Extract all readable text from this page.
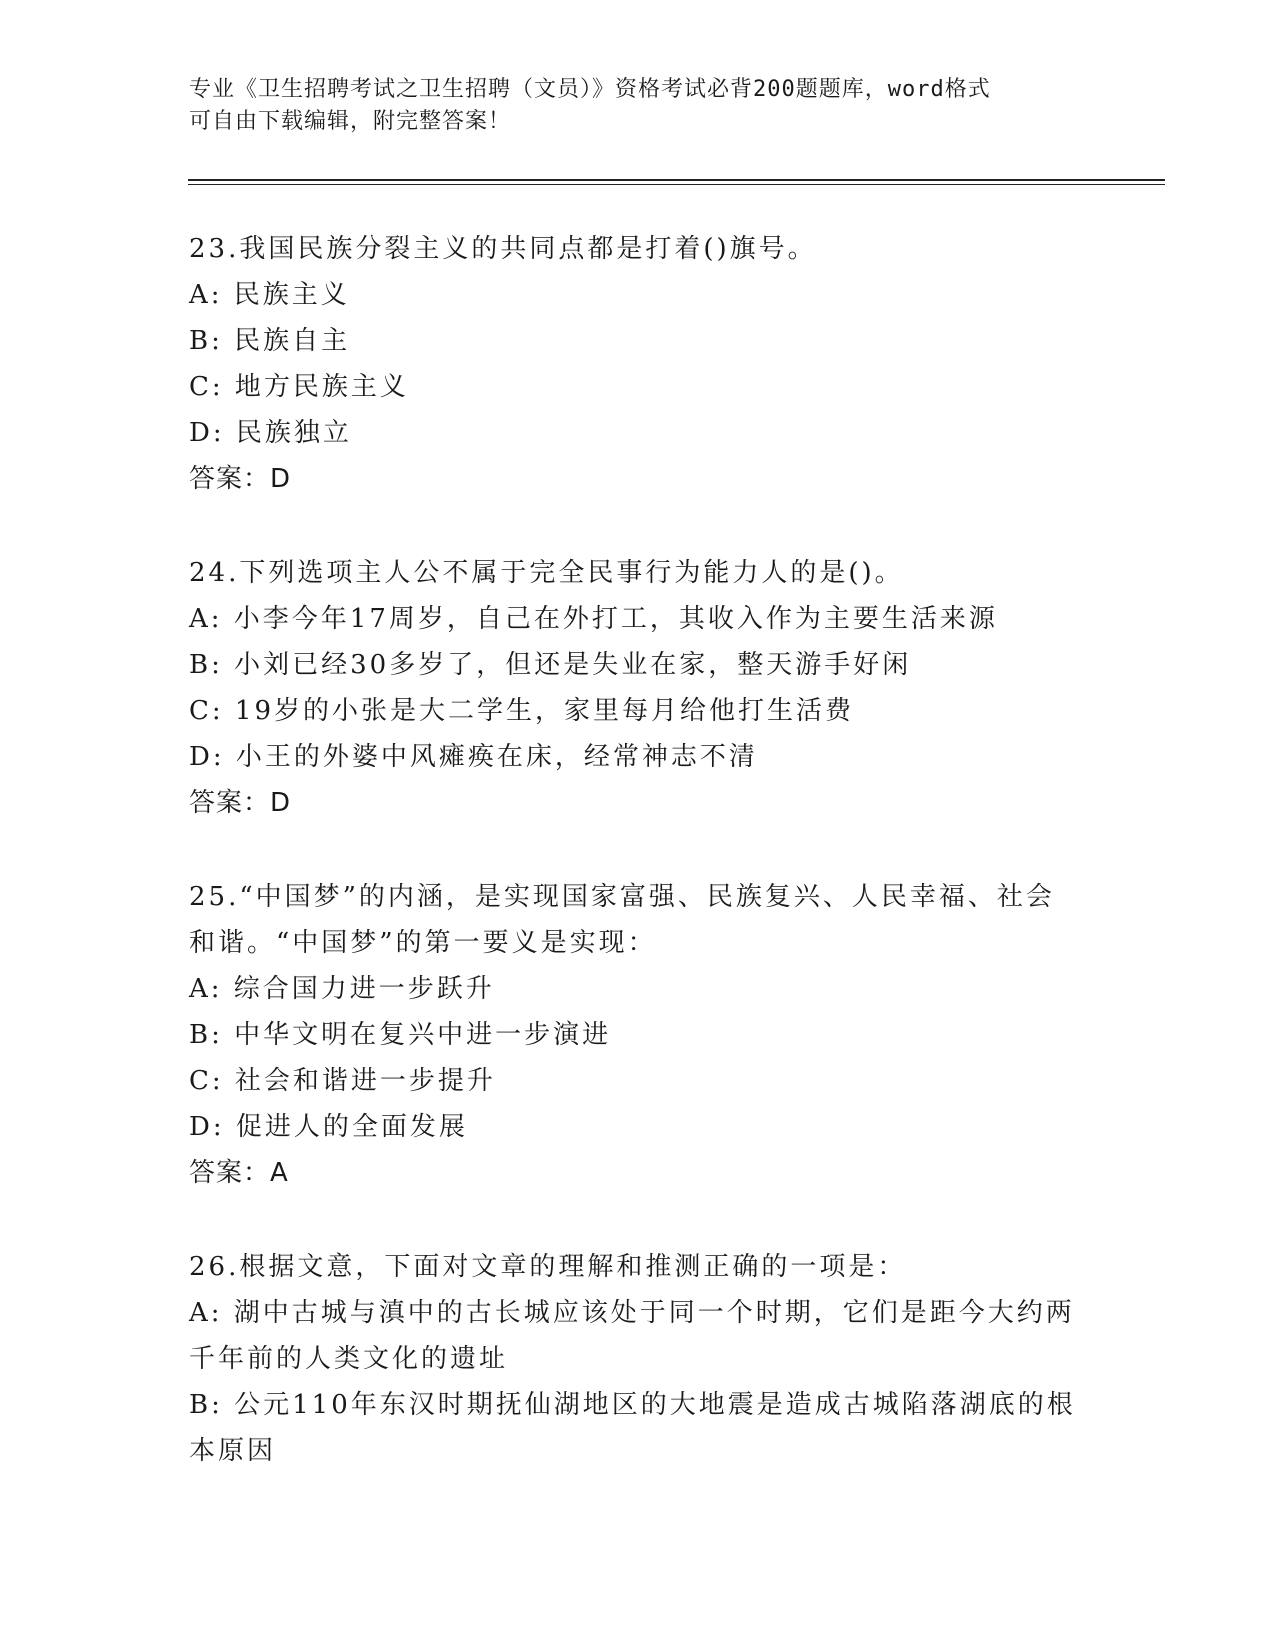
专业《卫生招聘考试之卫生招聘（文员）》资格考试必背200题题库，word格式
可自由下载编辑，附完整答案！
23.我国民族分裂主义的共同点都是打着()旗号。
A: 民族主义
B: 民族自主
C: 地方民族主义
D: 民族独立
答案：D
24.下列选项主人公不属于完全民事行为能力人的是()。
A: 小李今年17周岁，自己在外打工，其收入作为主要生活来源
B: 小刘已经30多岁了，但还是失业在家，整天游手好闲
C: 19岁的小张是大二学生，家里每月给他打生活费
D: 小王的外婆中风瘫痪在床，经常神志不清
答案：D
25.“中国梦”的内涵，是实现国家富强、民族复兴、人民幸福、社会
和谐。“中国梦”的第一要义是实现：
A: 综合国力进一步跃升
B: 中华文明在复兴中进一步演进
C: 社会和谐进一步提升
D: 促进人的全面发展
答案：A
26.根据文意，下面对文章的理解和推测正确的一项是：
A: 湖中古城与滇中的古长城应该处于同一个时期，它们是距今大约两
千年前的人类文化的遗址
B: 公元110年东汉时期抚仙湖地区的大地震是造成古城陷落湖底的根
本原因
